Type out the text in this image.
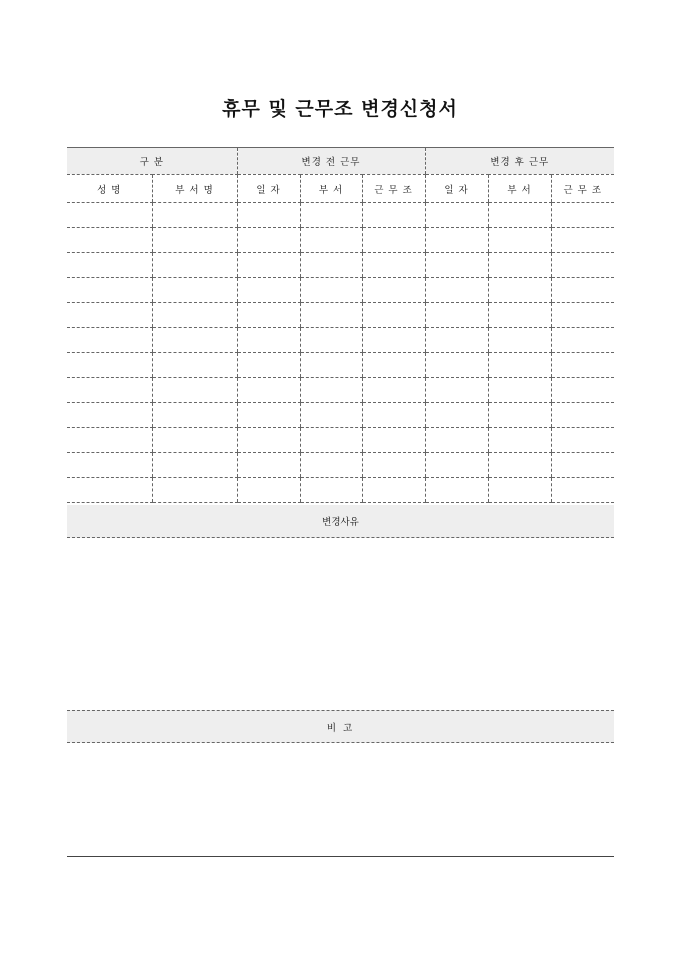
휴무 및 근무조 변경신청서
구 분		변경 전 근무			변경 후 근무		
성 명	부 서 명	일 자	부 서	근 무 조	일 자	부 서	근 무 조

변경사유
비 고
